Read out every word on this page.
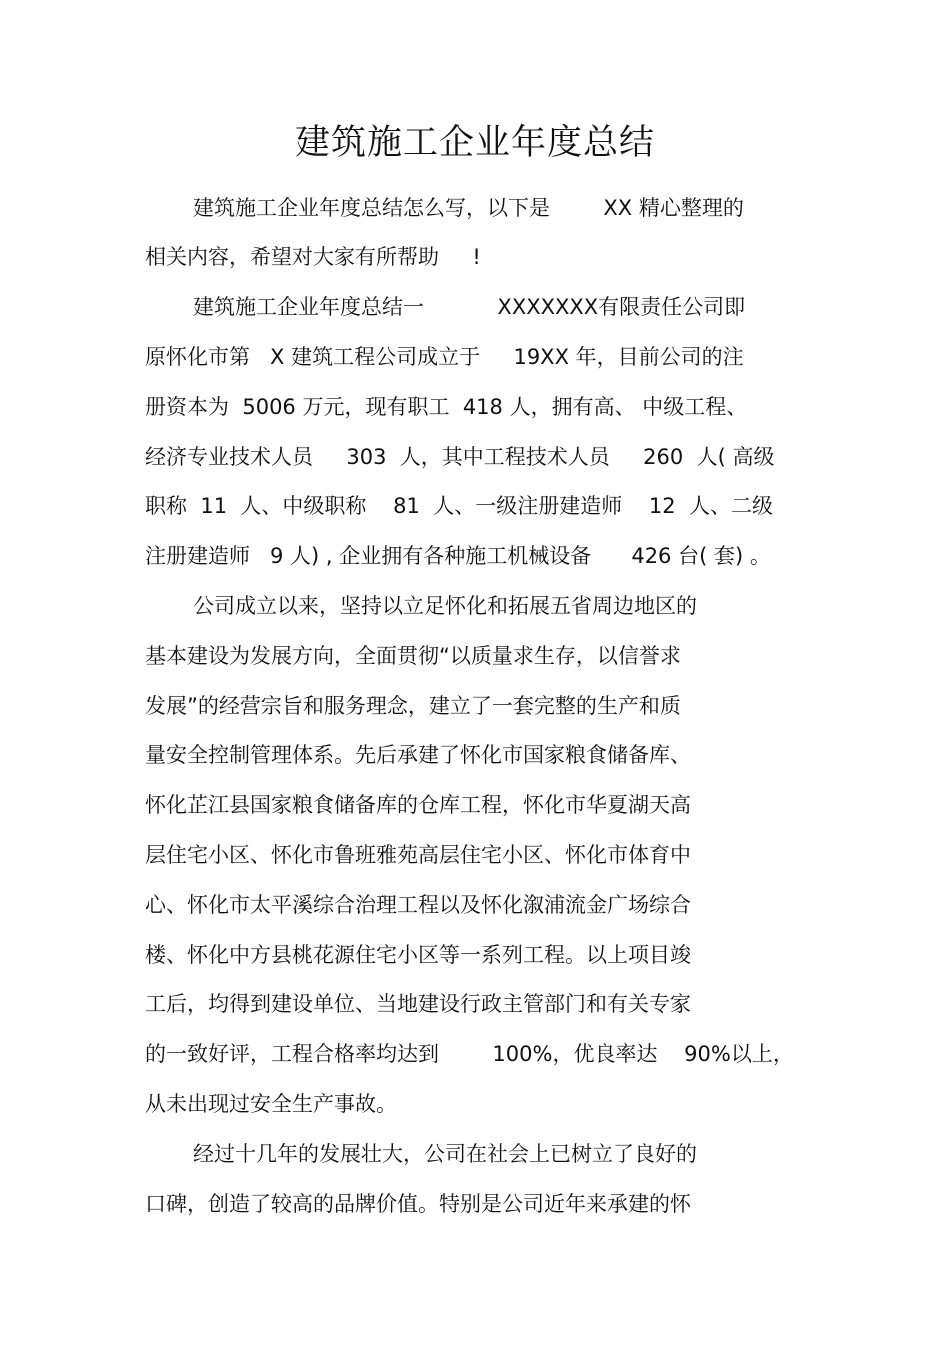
建筑施工企业年度总结
建筑施工企业年度总结怎么写，以下是        XX 精心整理的
相关内容，希望对大家有所帮助     !
建筑施工企业年度总结一           XXXXXXX有限责任公司即
原怀化市第   X 建筑工程公司成立于     19XX 年，目前公司的注
册资本为  5006 万元，现有职工  418 人，拥有高、 中级工程、
经济专业技术人员     303  人，其中工程技术人员     260  人( 高级
职称  11  人、中级职称    81  人、一级注册建造师    12  人、二级
注册建造师   9 人) , 企业拥有各种施工机械设备      426 台( 套) 。
公司成立以来，坚持以立足怀化和拓展五省周边地区的
基本建设为发展方向，全面贯彻“以质量求生存，以信誉求
发展”的经营宗旨和服务理念，建立了一套完整的生产和质
量安全控制管理体系。先后承建了怀化市国家粮食储备库、
怀化芷江县国家粮食储备库的仓库工程，怀化市华夏湖天高
层住宅小区、怀化市鲁班雅苑高层住宅小区、怀化市体育中
心、怀化市太平溪综合治理工程以及怀化溆浦流金广场综合
楼、怀化中方县桃花源住宅小区等一系列工程。以上项目竣
工后，均得到建设单位、当地建设行政主管部门和有关专家
的一致好评，工程合格率均达到        100%，优良率达    90%以上，
从未出现过安全生产事故。
经过十几年的发展壮大，公司在社会上已树立了良好的
口碑，创造了较高的品牌价值。特别是公司近年来承建的怀
